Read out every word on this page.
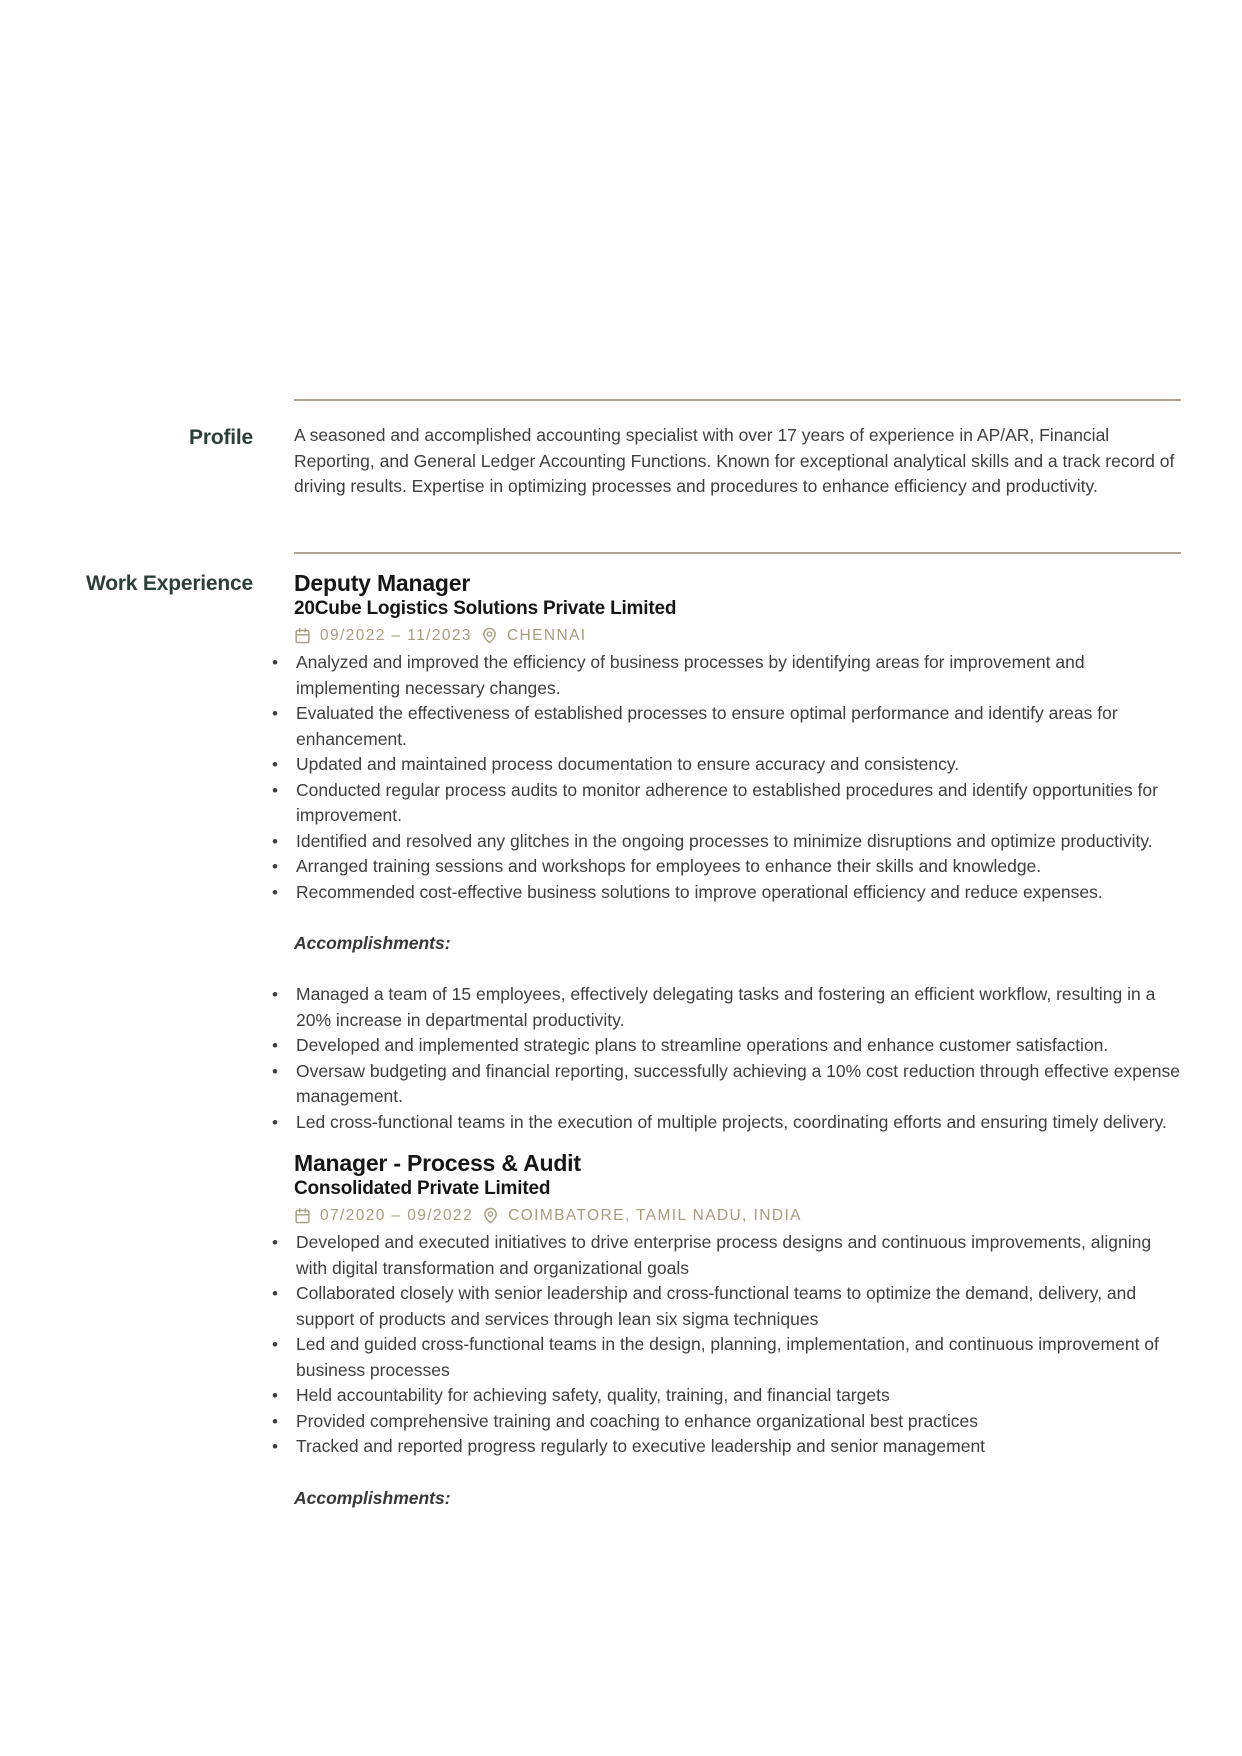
Profile A seasoned and accomplished accounting specialist with over 17 years of experience in AP/AR, Financial Reporting, and General Ledger Accounting Functions. Known for exceptional analytical skills and a track record of driving results. Expertise in optimizing processes and procedures to enhance efficiency and productivity.
Work Experience Deputy Manager
20Cube Logistics Solutions Private Limited
09/2022 – 11/2023 CHENNAI
• Analyzed and improved the efficiency of business processes by identifying areas for improvement and implementing necessary changes.
• Evaluated the effectiveness of established processes to ensure optimal performance and identify areas for enhancement.
• Updated and maintained process documentation to ensure accuracy and consistency.
• Conducted regular process audits to monitor adherence to established procedures and identify opportunities for improvement.
• Identified and resolved any glitches in the ongoing processes to minimize disruptions and optimize productivity.
• Arranged training sessions and workshops for employees to enhance their skills and knowledge.
• Recommended cost-effective business solutions to improve operational efficiency and reduce expenses.
Accomplishments:
• Managed a team of 15 employees, effectively delegating tasks and fostering an efficient workflow, resulting in a 20% increase in departmental productivity.
• Developed and implemented strategic plans to streamline operations and enhance customer satisfaction.
• Oversaw budgeting and financial reporting, successfully achieving a 10% cost reduction through effective expense management.
• Led cross-functional teams in the execution of multiple projects, coordinating efforts and ensuring timely delivery.
Manager - Process & Audit
Consolidated Private Limited
07/2020 – 09/2022 COIMBATORE, TAMIL NADU, INDIA
• Developed and executed initiatives to drive enterprise process designs and continuous improvements, aligning with digital transformation and organizational goals
• Collaborated closely with senior leadership and cross-functional teams to optimize the demand, delivery, and support of products and services through lean six sigma techniques
• Led and guided cross-functional teams in the design, planning, implementation, and continuous improvement of business processes
• Held accountability for achieving safety, quality, training, and financial targets
• Provided comprehensive training and coaching to enhance organizational best practices
• Tracked and reported progress regularly to executive leadership and senior management
Accomplishments:
